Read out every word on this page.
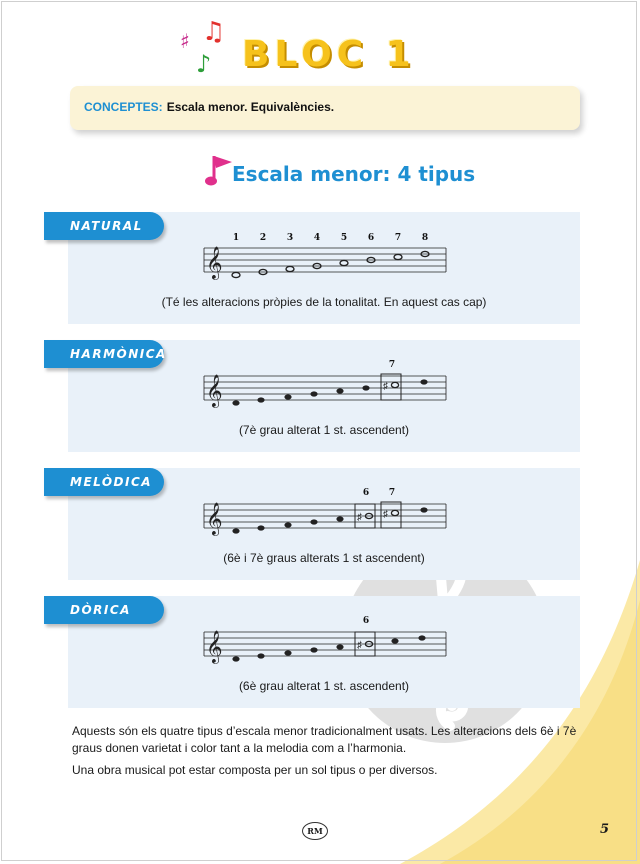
♯ ♫
♪ BLOC 1
CONCEPTES: Escala menor. Equivalències.
Escala menor: 4 tipus
NATURAL
𝄞
1 2 3 4 5 6 7 8
(Té les alteracions pròpies de la tonalitat. En aquest cas cap)
HARMÒNICA
𝄞	♯
7
(7è grau alterat 1 st. ascendent)
MELÒDICA
𝄞	♯ ♯
6 7
(6è i 7è graus alterats 1 st ascendent)
DÒRICA
𝄞	♯
6
(6è grau alterat 1 st. ascendent)
Aquests són els quatre tipus d’escala menor tradicionalment usats. Les alteracions dels 6è i 7è graus donen varietat i color tant a la melodia com a l’harmonia.
Una obra musical pot estar composta per un sol tipus o per diversos.
RM	5
